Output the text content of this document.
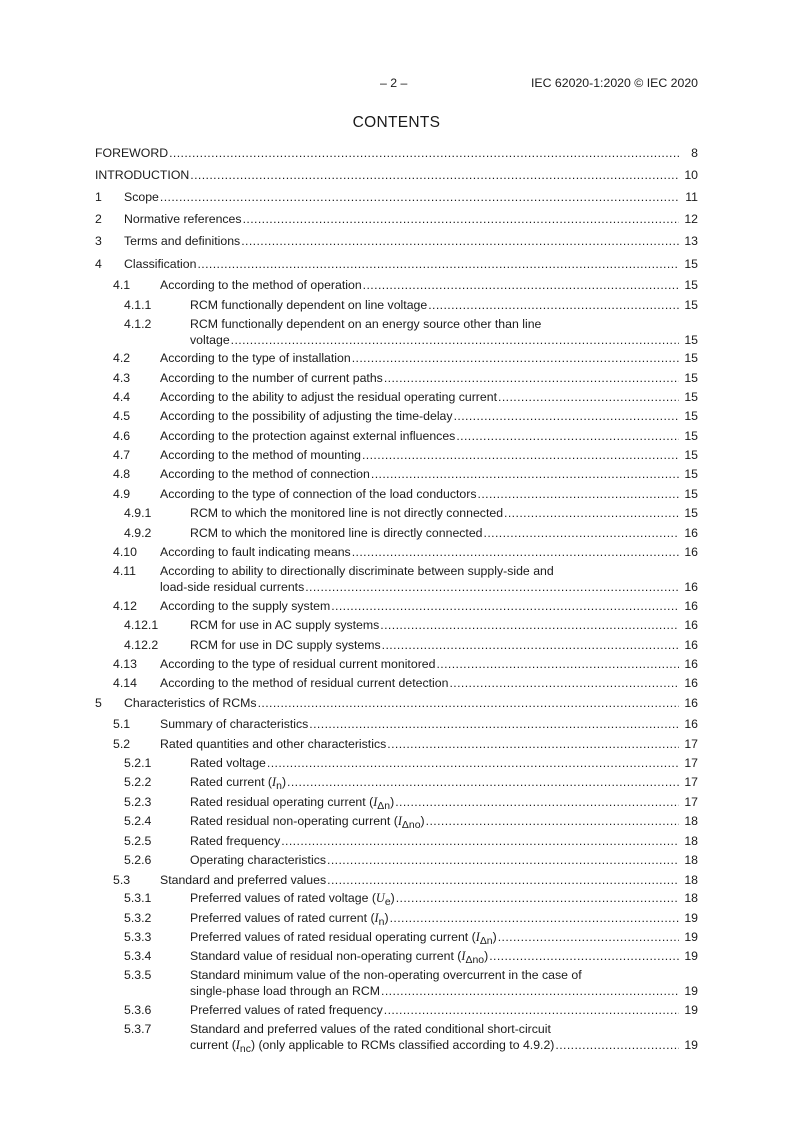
– 2 –	IEC 62020-1:2020 © IEC 2020
CONTENTS
FOREWORD .....	8
INTRODUCTION .....	10
1 Scope .....	11
2 Normative references .....	12
3 Terms and definitions .....	13
4 Classification .....	15
4.1 According to the method of operation .....	15
4.1.1	RCM functionally dependent on line voltage .....	15
4.1.2	RCM functionally dependent on an energy source other than line
voltage .....	15
4.2 According to the type of installation .....	15
4.3 According to the number of current paths .....	15
4.4 According to the ability to adjust the residual operating current .....	15
4.5 According to the possibility of adjusting the time-delay .....	15
4.6 According to the protection against external influences .....	15
4.7 According to the method of mounting .....	15
4.8 According to the method of connection .....	15
4.9 According to the type of connection of the load conductors .....	15
4.9.1	RCM to which the monitored line is not directly connected .....	15
4.9.2	RCM to which the monitored line is directly connected .....	16
4.10 According to fault indicating means .....	16
4.11 According to ability to directionally discriminate between supply-side and
load-side residual currents .....	16
4.12 According to the supply system .....	16
4.12.1	RCM for use in AC supply systems .....	16
4.12.2	RCM for use in DC supply systems .....	16
4.13 According to the type of residual current monitored .....	16
4.14 According to the method of residual current detection .....	16
5 Characteristics of RCMs .....	16
5.1 Summary of characteristics .....	16
5.2 Rated quantities and other characteristics .....	17
5.2.1	Rated voltage .....	17
5.2.2	Rated current $(I_n)$ .....	17
5.2.3	Rated residual operating current $(I_{\Delta n})$ .....	17
5.2.4	Rated residual non-operating current $(I_{\Delta no})$ .....	18
5.2.5	Rated frequency .....	18
5.2.6	Operating characteristics .....	18
5.3 Standard and preferred values .....	18
5.3.1	Preferred values of rated voltage $(U_e)$ .....	18
5.3.2	Preferred values of rated current $(I_n)$ .....	19
5.3.3	Preferred values of rated residual operating current $(I_{\Delta n})$ .....	19
5.3.4	Standard value of residual non-operating current $(I_{\Delta no})$ .....	19
5.3.5	Standard minimum value of the non-operating overcurrent in the case of
single-phase load through an RCM .....	19
5.3.6	Preferred values of rated frequency .....	19
5.3.7	Standard and preferred values of the rated conditional short-circuit
current $(I_{nc})$ (only applicable to RCMs classified according to 4.9.2) .....	19
